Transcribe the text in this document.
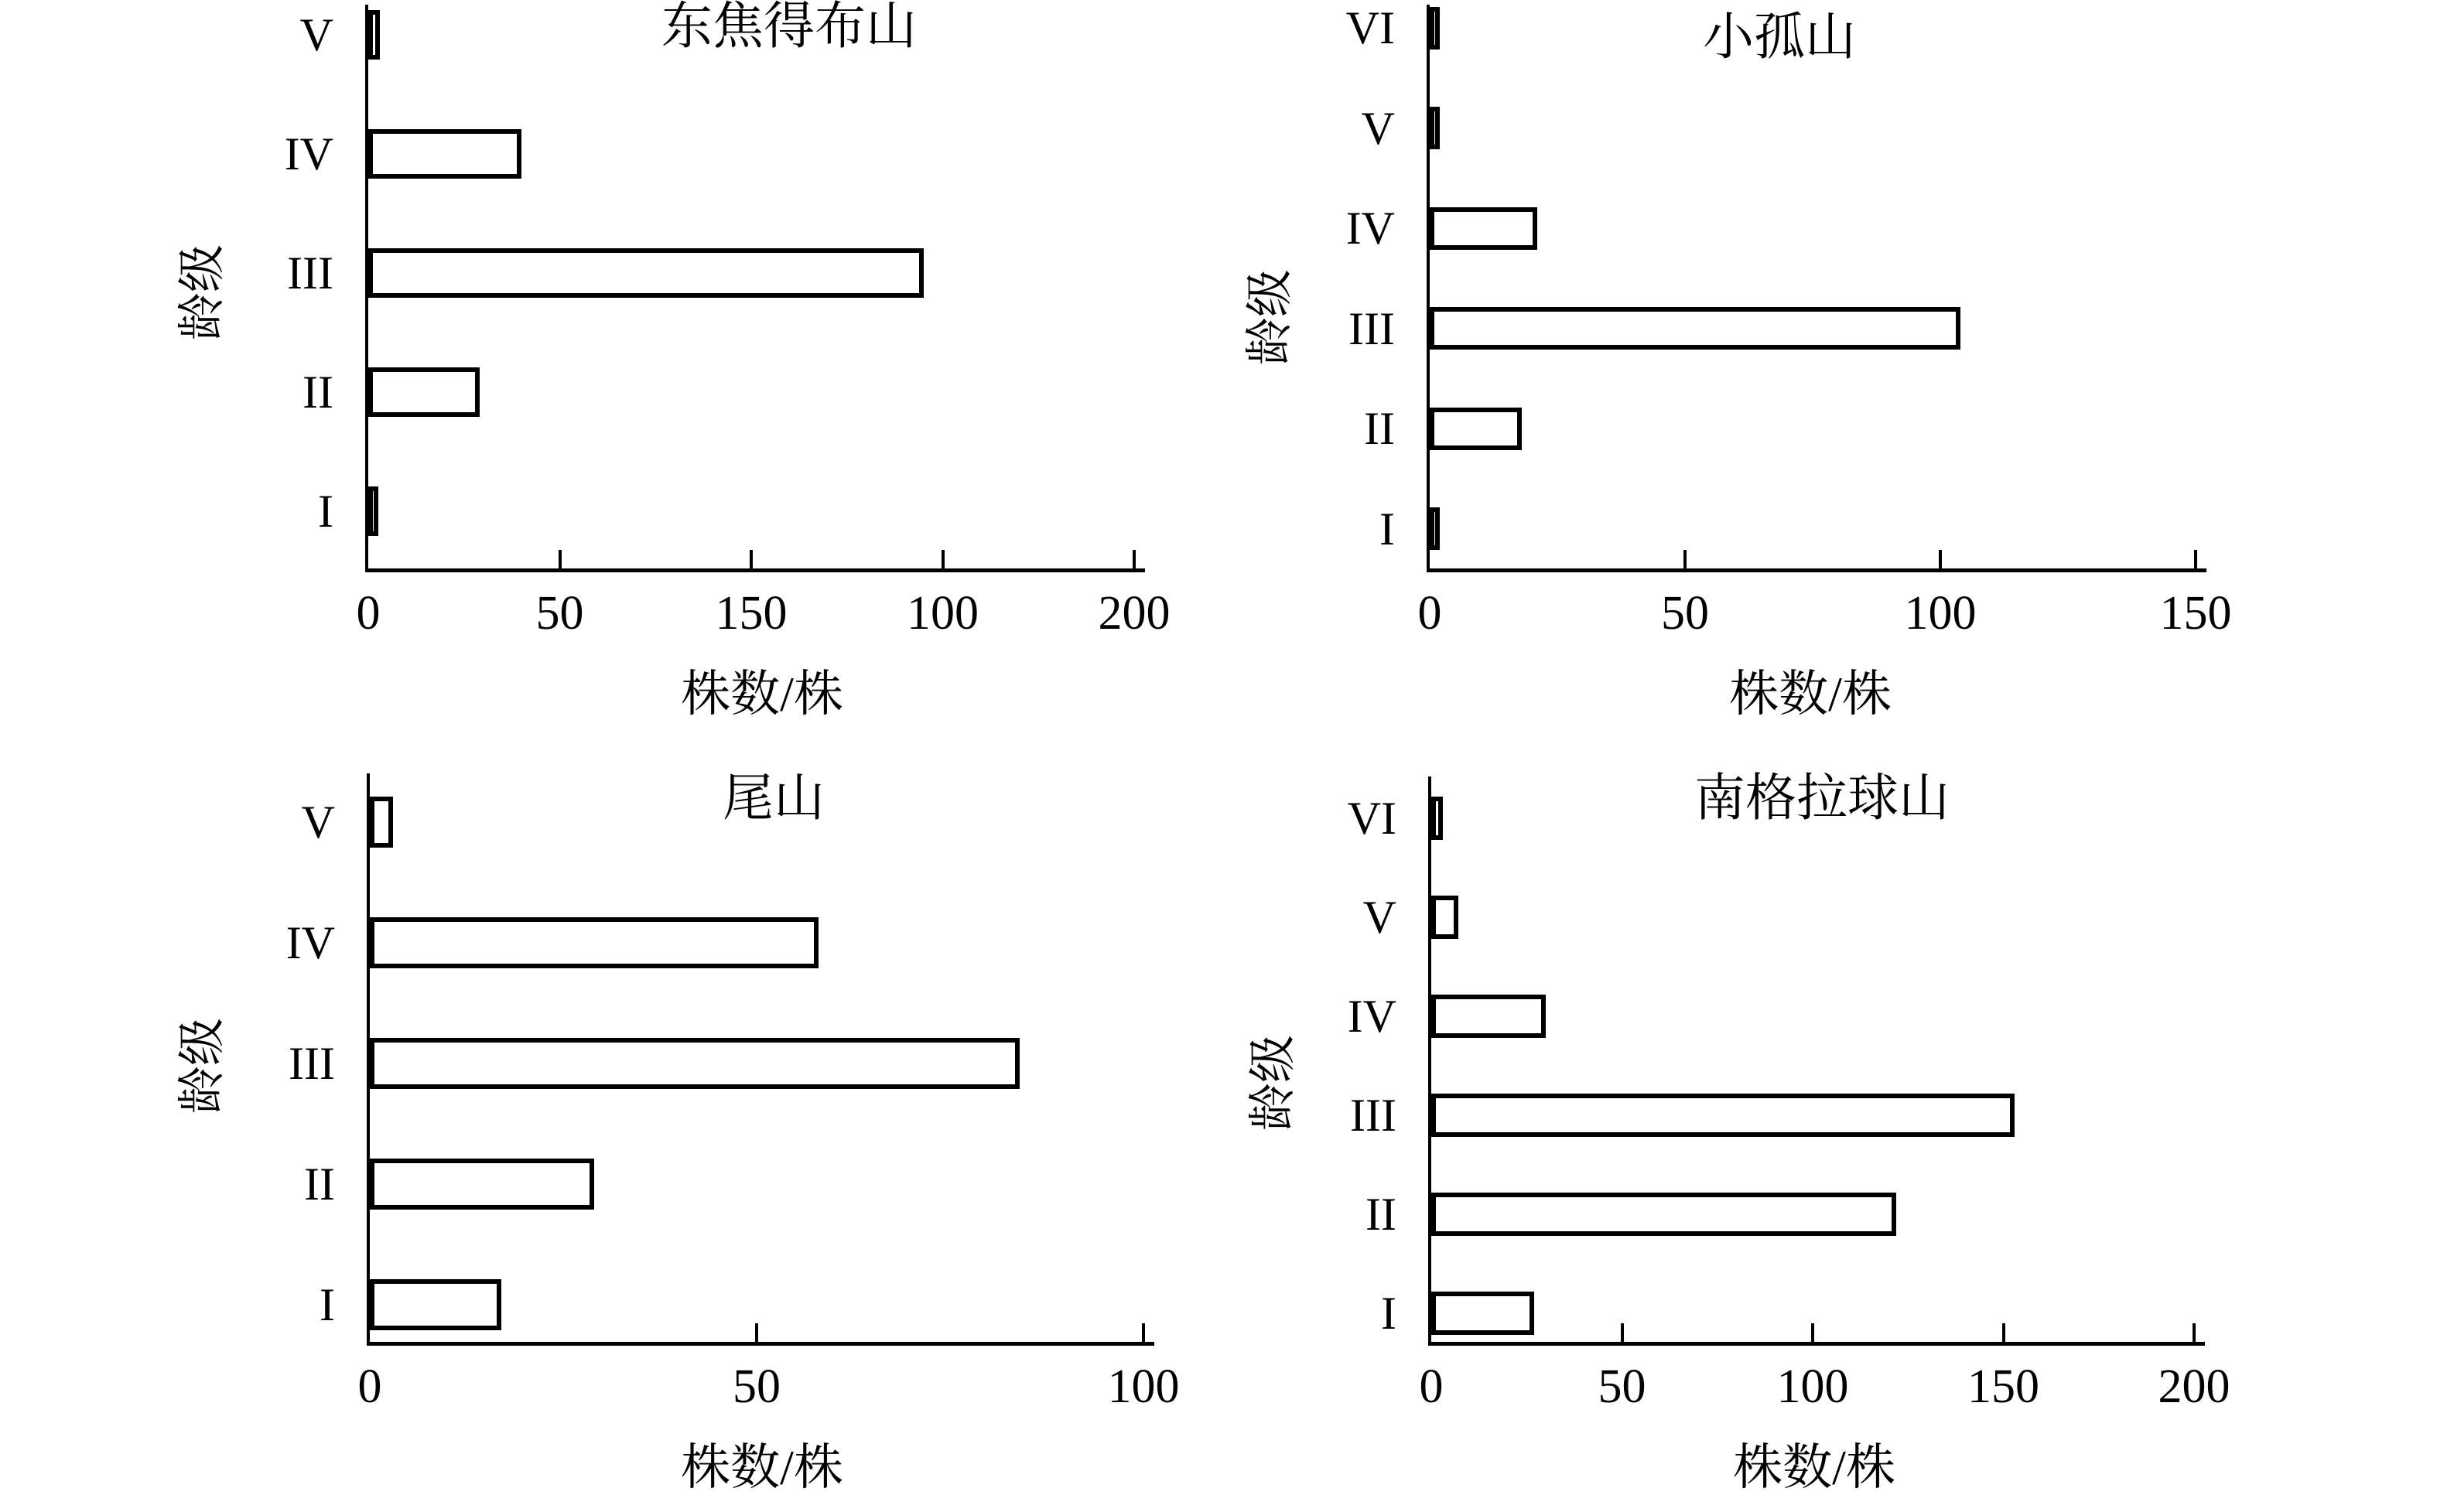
0	50	150 100 200
V
IV
III
II
I
东焦得布山
株数/株
龄级
0	50	100	150
VI
V
IV
III
II
I
小孤山
株数/株
龄级
0	50	100
V
IV
III
II
I
尾山
株数/株
龄级
0	50	100 150 200
VI
V
IV
III
II
I
南格拉球山
株数/株
龄级
